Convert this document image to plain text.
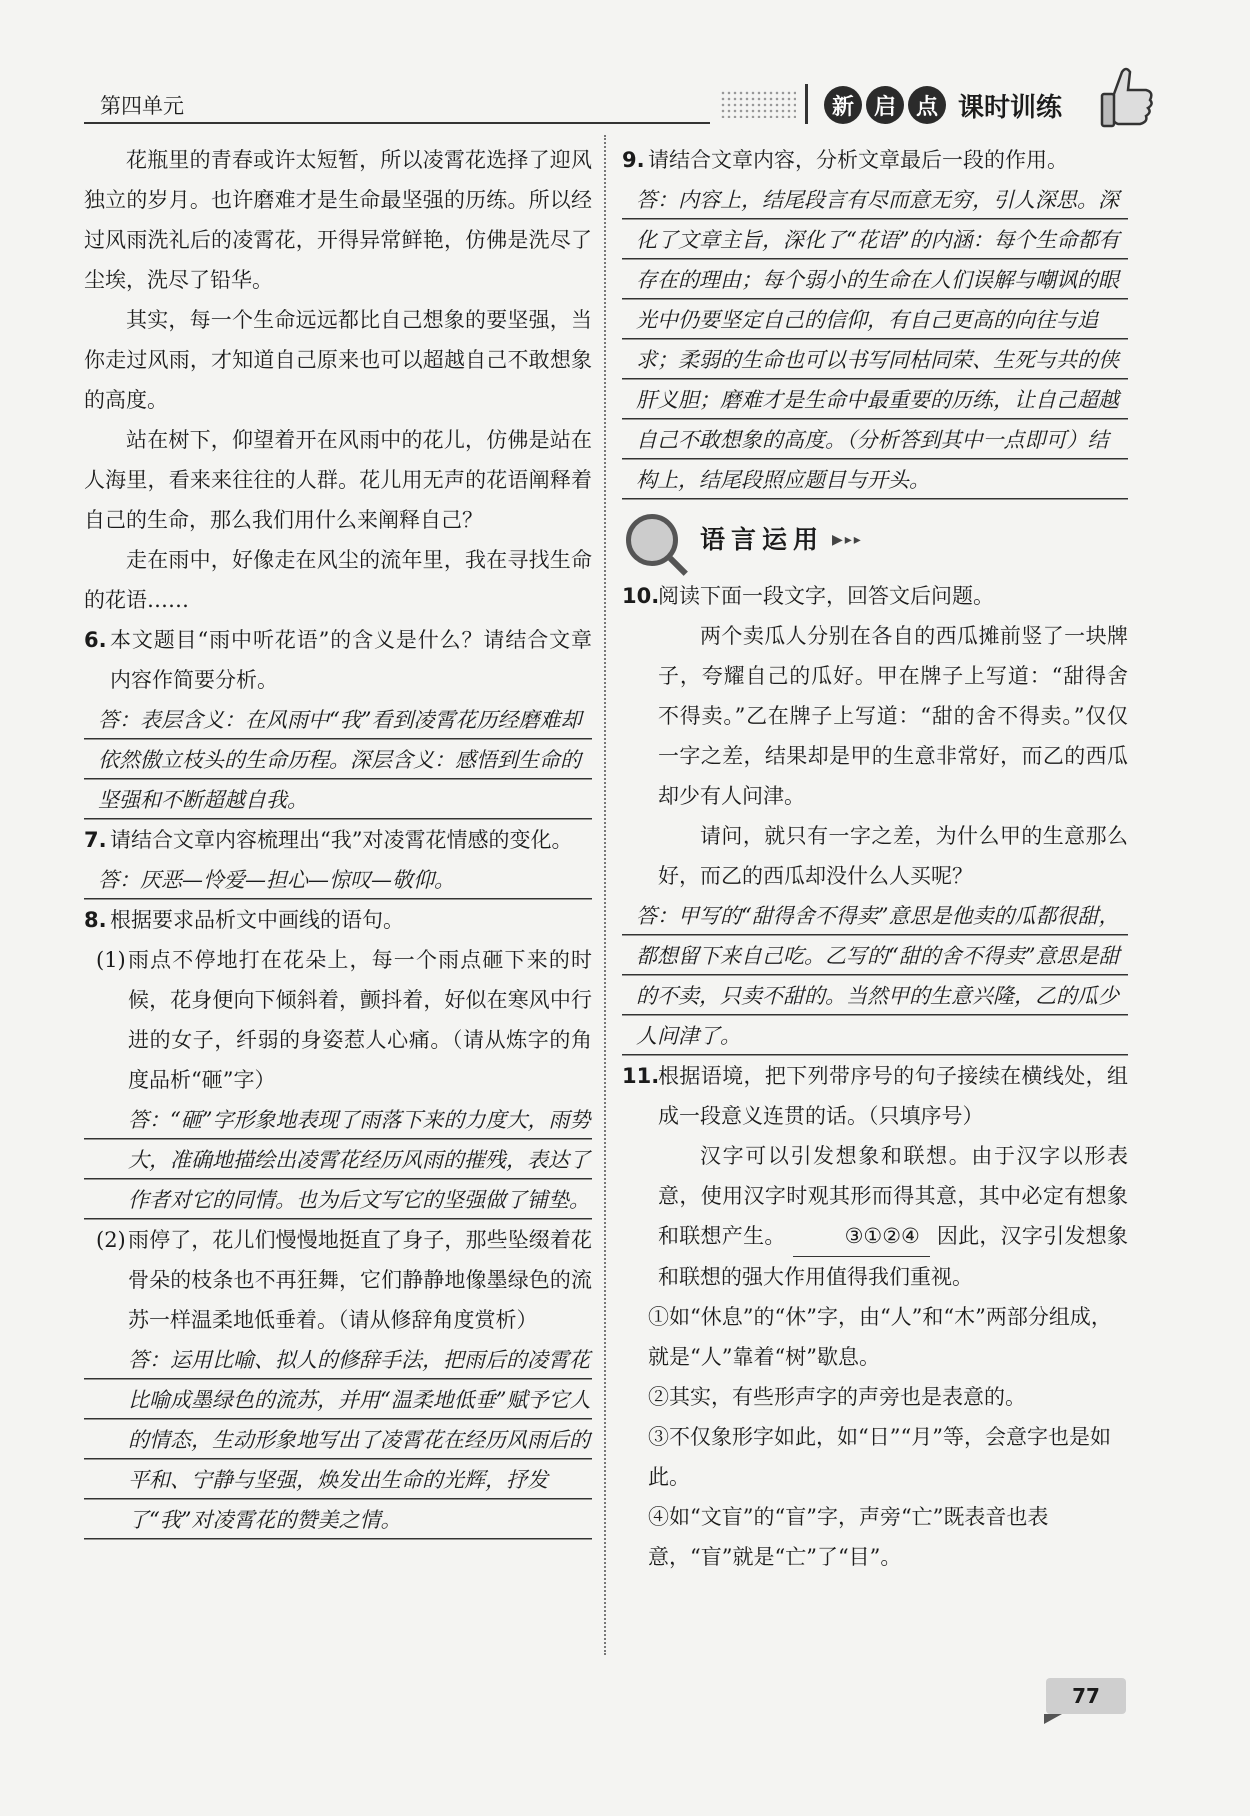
第四单元	新 启 点 课时训练

花瓶里的青春或许太短暂，所以凌霄花选择了迎风独立的岁月。也许磨难才是生命最坚强的历练。所以经过风雨洗礼后的凌霄花，开得异常鲜艳，仿佛是洗尽了尘埃，洗尽了铅华。

其实，每一个生命远远都比自己想象的要坚强，当你走过风雨，才知道自己原来也可以超越自己不敢想象的高度。

站在树下，仰望着开在风雨中的花儿，仿佛是站在人海里，看来来往往的人群。花儿用无声的花语阐释着自己的生命，那么我们用什么来阐释自己？

走在雨中，好像走在风尘的流年里，我在寻找生命的花语……

6. 本文题目“雨中听花语”的含义是什么？请结合文章内容作简要分析。
答：表层含义：在风雨中“我”看到凌霄花历经磨难却依然傲立枝头的生命历程。深层含义：感悟到生命的坚强和不断超越自我。
7. 请结合文章内容梳理出“我”对凌霄花情感的变化。
答：厌恶—怜爱—担心—惊叹—敬仰。
8. 根据要求品析文中画线的语句。
(1) 雨点不停地打在花朵上，每一个雨点砸下来的时候，花身便向下倾斜着，颤抖着，好似在寒风中行进的女子，纤弱的身姿惹人心痛。（请从炼字的角度品析“砸”字）
答：“砸”字形象地表现了雨落下来的力度大，雨势大，准确地描绘出凌霄花经历风雨的摧残，表达了作者对它的同情。也为后文写它的坚强做了铺垫。
(2) 雨停了，花儿们慢慢地挺直了身子，那些坠缀着花骨朵的枝条也不再狂舞，它们静静地像墨绿色的流苏一样温柔地低垂着。（请从修辞角度赏析）
答：运用比喻、拟人的修辞手法，把雨后的凌霄花比喻成墨绿色的流苏，并用“温柔地低垂”赋予它人的情态，生动形象地写出了凌霄花在经历风雨后的平和、宁静与坚强，焕发出生命的光辉，抒发了“我”对凌霄花的赞美之情。
9. 请结合文章内容，分析文章最后一段的作用。
答：内容上，结尾段言有尽而意无穷，引人深思。深化了文章主旨，深化了“花语”的内涵：每个生命都有存在的理由；每个弱小的生命在人们误解与嘲讽的眼光中仍要坚定自己的信仰，有自己更高的向往与追求；柔弱的生命也可以书写同枯同荣、生死与共的侠肝义胆；磨难才是生命中最重要的历练，让自己超越自己不敢想象的高度。（分析答到其中一点即可）结构上，结尾段照应题目与开头。
语言运用 ▶▸▸
10.
阅读下面一段文字，回答文后问题。

两个卖瓜人分别在各自的西瓜摊前竖了一块牌子，夸耀自己的瓜好。甲在牌子上写道：“甜得舍不得卖。”乙在牌子上写道：“甜的舍不得卖。”仅仅一字之差，结果却是甲的生意非常好，而乙的西瓜却少有人问津。

请问，就只有一字之差，为什么甲的生意那么好，而乙的西瓜却没什么人买呢？

答：甲写的“甜得舍不得卖”意思是他卖的瓜都很甜，都想留下来自己吃。乙写的“甜的舍不得卖”意思是甜的不卖，只卖不甜的。当然甲的生意兴隆，乙的瓜少人问津了。
11.
根据语境，把下列带序号的句子接续在横线处，组成一段意义连贯的话。（只填序号）

汉字可以引发想象和联想。由于汉字以形表意，使用汉字时观其形而得其意，其中必定有想象和联想产生。	③①②④ 因此，汉字引发想象和联想的强大作用值得我们重视。

①如“休息”的“休”字，由“人”和“木”两部分组成，就是“人”靠着“树”歇息。
②其实，有些形声字的声旁也是表意的。
③不仅象形字如此，如“日”“月”等，会意字也是如此。
④如“文盲”的“盲”字，声旁“亡”既表音也表意，“盲”就是“亡”了“目”。
77
